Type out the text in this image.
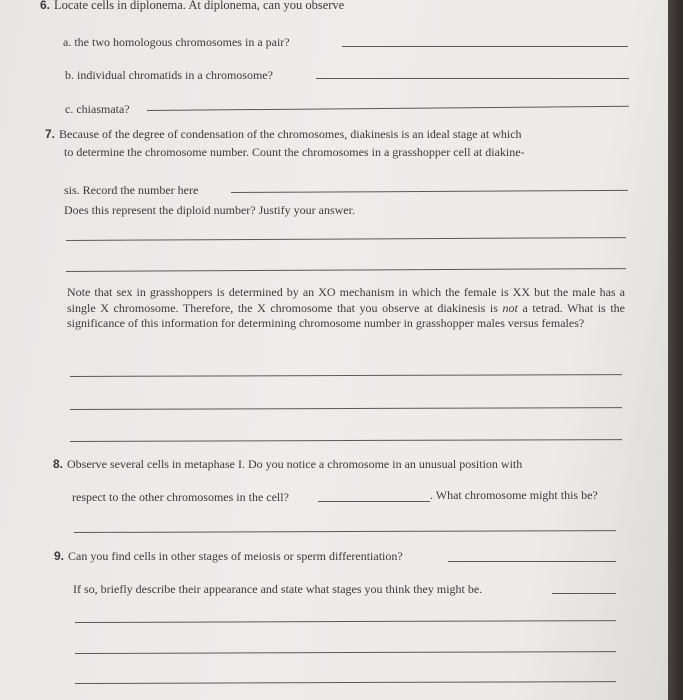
6. Locate cells in diplonema. At diplonema, can you observe
a. the two homologous chromosomes in a pair?
b. individual chromatids in a chromosome?
c. chiasmata?
7. Because of the degree of condensation of the chromosomes, diakinesis is an ideal stage at which
to determine the chromosome number. Count the chromosomes in a grasshopper cell at diakine-
sis. Record the number here
Does this represent the diploid number? Justify your answer.
Note that sex in grasshoppers is determined by an XO mechanism in which the female is XX but the male has a single X chromosome. Therefore, the X chromosome that you observe at diakinesis is not a tetrad. What is the significance of this information for determining chromosome number in grasshopper males versus females?
8. Observe several cells in metaphase I. Do you notice a chromosome in an unusual position with
respect to the other chromosomes in the cell?	. What chromosome might this be?
9. Can you find cells in other stages of meiosis or sperm differentiation?
If so, briefly describe their appearance and state what stages you think they might be.
